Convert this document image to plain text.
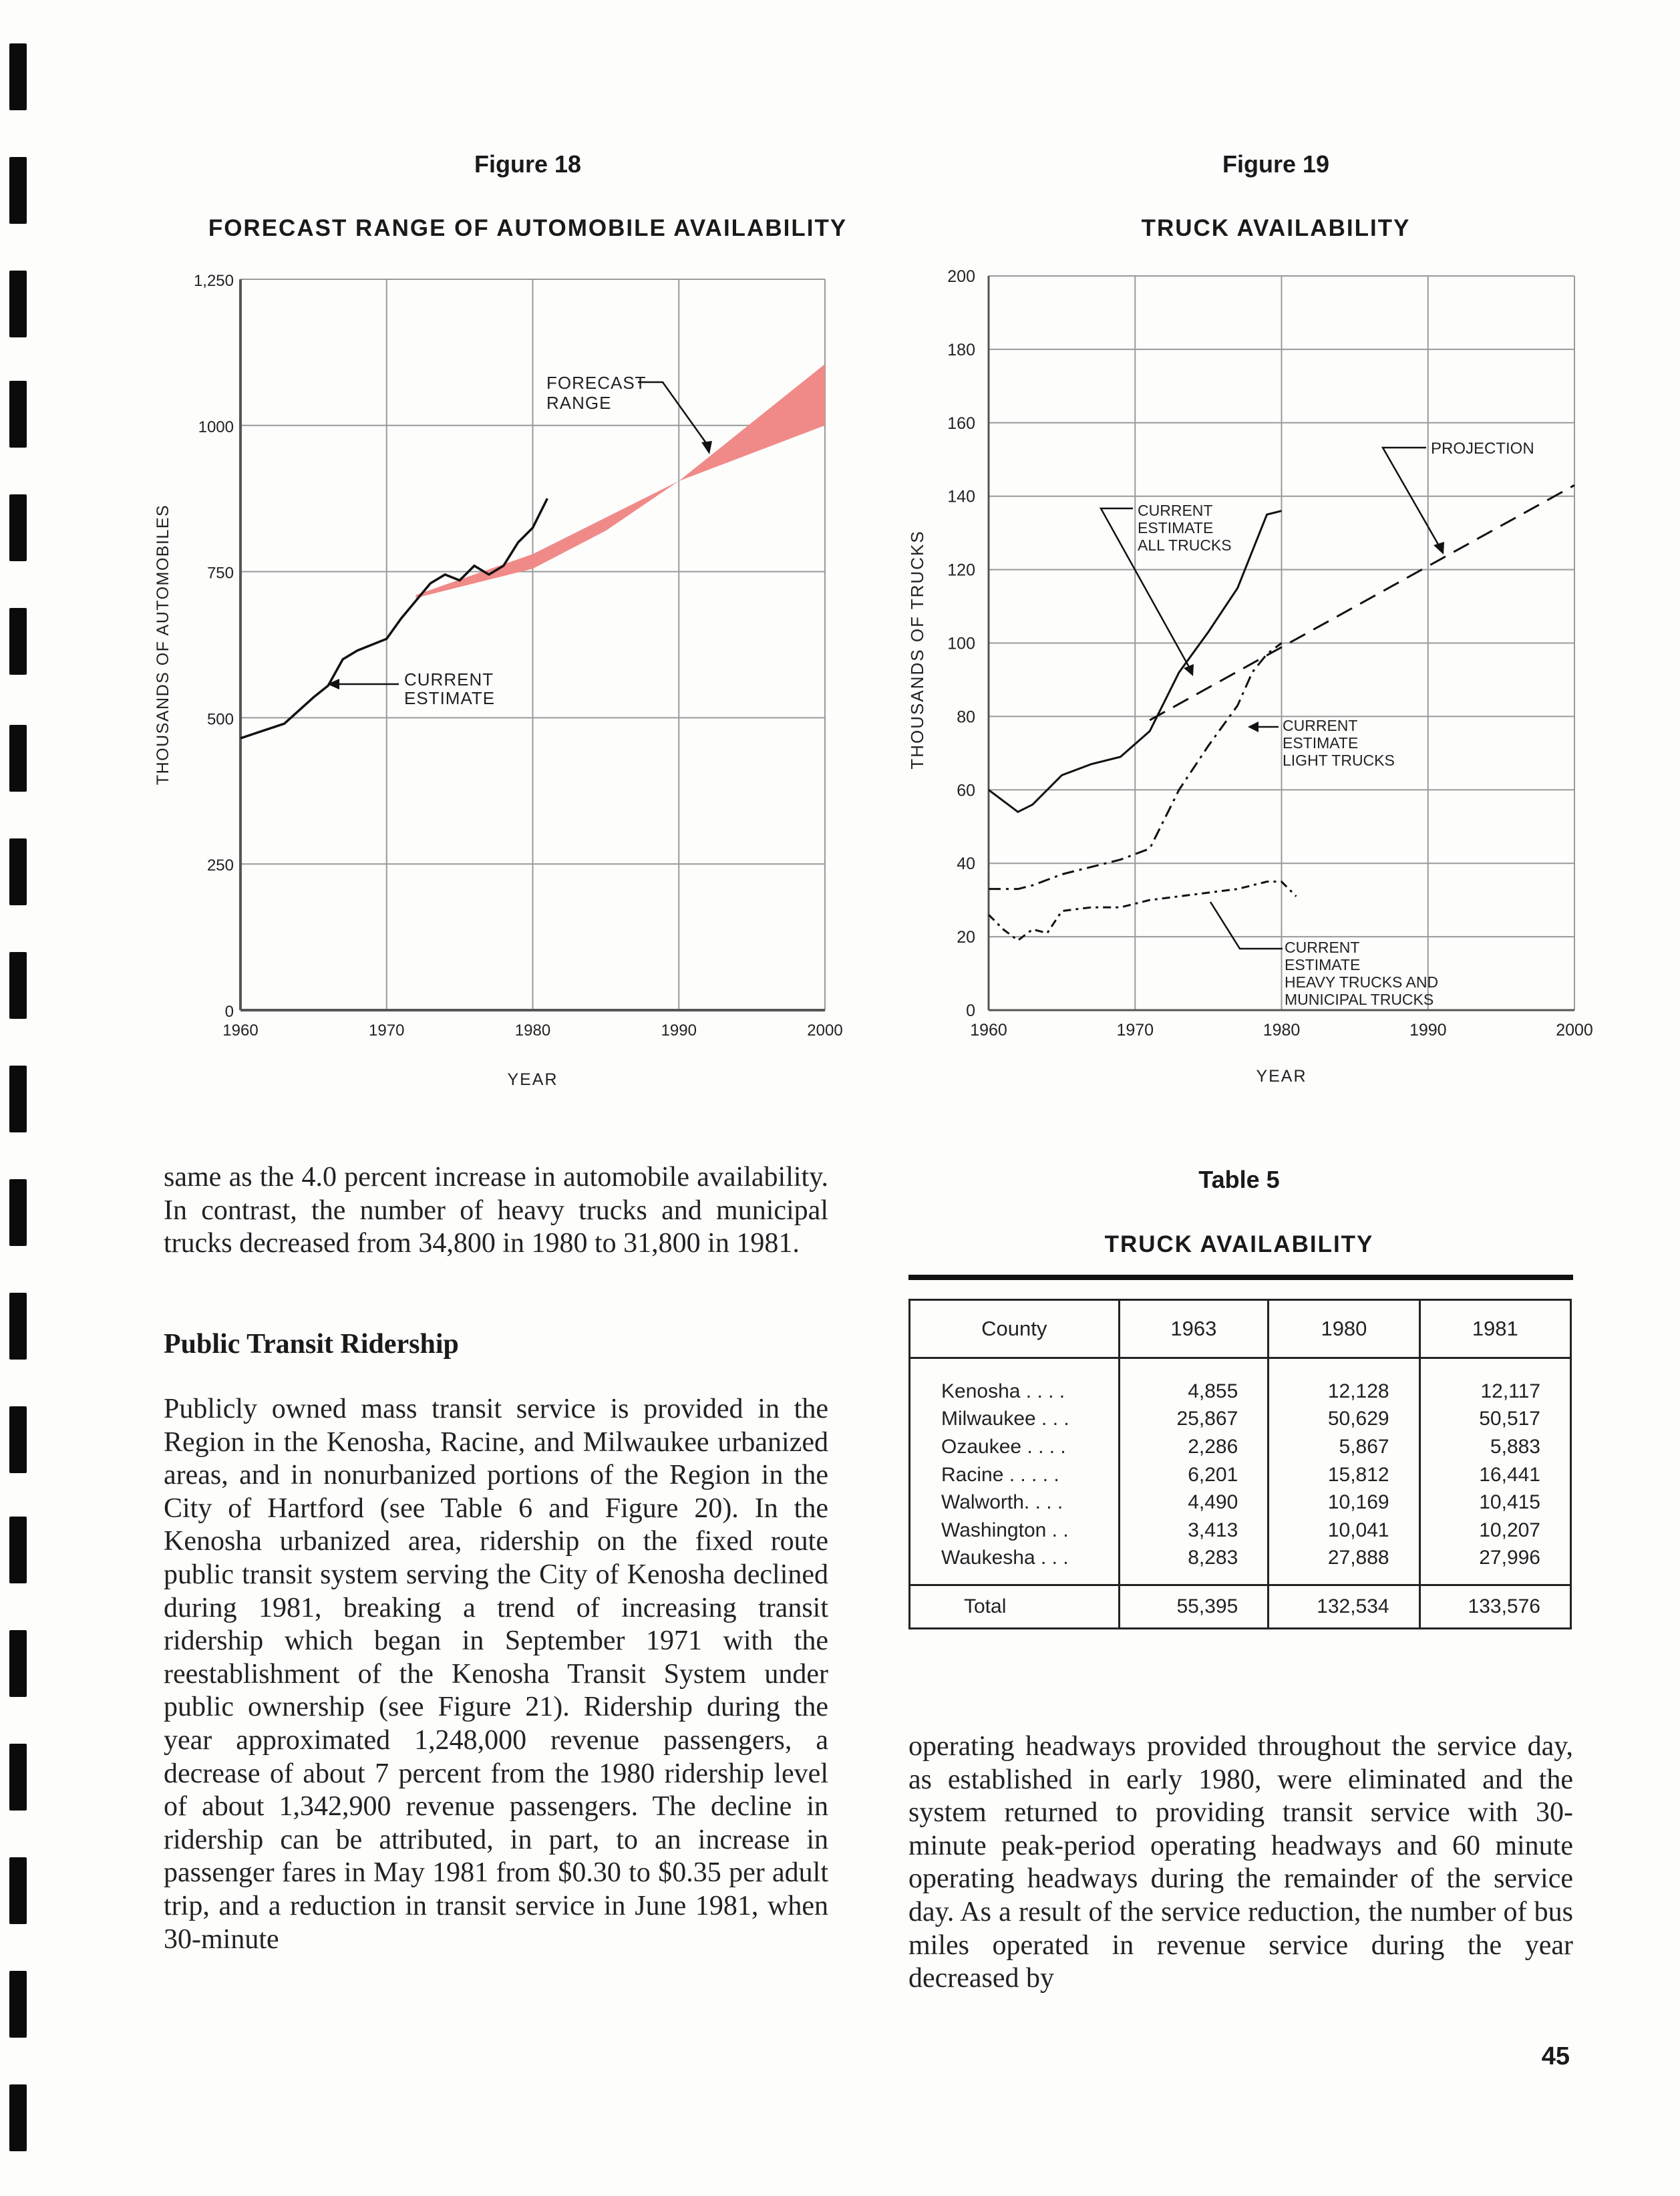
Figure 18
FORECAST RANGE OF AUTOMOBILE AVAILABILITY
Figure 19
TRUCK AVAILABILITY
0
250
500
750
1000
1,250
1960	1970	1980	1990	2000
YEAR
THOUSANDS OF AUTOMOBILES
FORECAST
RANGE
CURRENT
ESTIMATE
0
20
40
60
80
100
120
140
160
180
200
1960	1970	1980	1990	2000
YEAR
THOUSANDS OF TRUCKS
PROJECTION
CURRENT
ESTIMATE
ALL TRUCKS
CURRENT
ESTIMATE
LIGHT TRUCKS
CURRENT
ESTIMATE
HEAVY TRUCKS AND
MUNICIPAL TRUCKS

same as the 4.0 percent increase in automobile availability. In contrast, the number of heavy trucks and municipal trucks decreased from 34,800 in 1980 to 31,800 in 1981.

Public Transit Ridership

Publicly owned mass transit service is provided in the Region in the Kenosha, Racine, and Milwaukee urbanized areas, and in nonurbanized portions of the Region in the City of Hartford (see Table 6 and Figure 20). In the Kenosha urbanized area, ridership on the fixed route public transit system serving the City of Kenosha declined during 1981, breaking a trend of increasing transit ridership which began in September 1971 with the reestablishment of the Kenosha Transit System under public ownership (see Figure 21). Ridership during the year approximated 1,248,000 revenue passengers, a decrease of about 7 percent from the 1980 ridership level of about 1,342,900 revenue passengers. The decline in ridership can be attributed, in part, to an increase in passenger fares in May 1981 from $0.30 to $0.35 per adult trip, and a reduction in transit service in June 1981, when 30-minute

Table 5
TRUCK AVAILABILITY
County	1963	1980	1981
Kenosha . . . .	4,855	12,128	12,117
Milwaukee . . .	25,867	50,629	50,517
Ozaukee . . . .	2,286	5,867	5,883
Racine . . . . .	6,201	15,812	16,441
Walworth. . . .	4,490	10,169	10,415
Washington . .	3,413	10,041	10,207
Waukesha . . .	8,283	27,888	27,996
Total	55,395	132,534	133,576

operating headways provided throughout the service day, as established in early 1980, were eliminated and the system returned to providing transit service with 30-minute peak-period operating headways and 60 minute operating headways during the remainder of the service day. As a result of the service reduction, the number of bus miles operated in revenue service during the year decreased by

45
